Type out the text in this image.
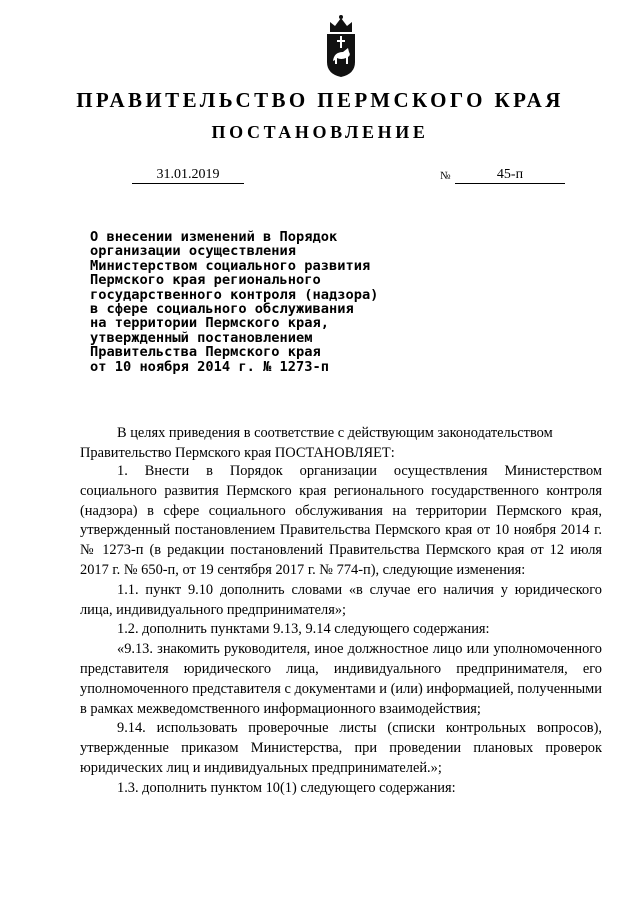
ПРАВИТЕЛЬСТВО ПЕРМСКОГО КРАЯ
ПОСТАНОВЛЕНИЕ
31.01.2019	№	45-п
О внесении изменений в Порядок
организации осуществления
Министерством социального развития
Пермского края регионального
государственного контроля (надзора)
в сфере социального обслуживания
на территории Пермского края,
утвержденный постановлением
Правительства Пермского края
от 10 ноября 2014 г. № 1273-п
В целях приведения в соответствие с действующим законодательством
Правительство Пермского края ПОСТАНОВЛЯЕТ:

1. Внести в Порядок организации осуществления Министерством социального развития Пермского края регионального государственного контроля (надзора) в сфере социального обслуживания на территории Пермского края, утвержденный постановлением Правительства Пермского края от 10 ноября 2014 г. № 1273-п (в редакции постановлений Правительства Пермского края от 12 июля 2017 г. № 650-п, от 19 сентября 2017 г. № 774-п), следующие изменения:

1.1. пункт 9.10 дополнить словами «в случае его наличия у юридического лица, индивидуального предпринимателя»;

1.2. дополнить пунктами 9.13, 9.14 следующего содержания:

«9.13. знакомить руководителя, иное должностное лицо или уполномоченного представителя юридического лица, индивидуального предпринимателя, его уполномоченного представителя с документами и (или) информацией, полученными в рамках межведомственного информационного взаимодействия;

9.14. использовать проверочные листы (списки контрольных вопросов), утвержденные приказом Министерства, при проведении плановых проверок юридических лиц и индивидуальных предпринимателей.»;

1.3. дополнить пунктом 10(1) следующего содержания:
